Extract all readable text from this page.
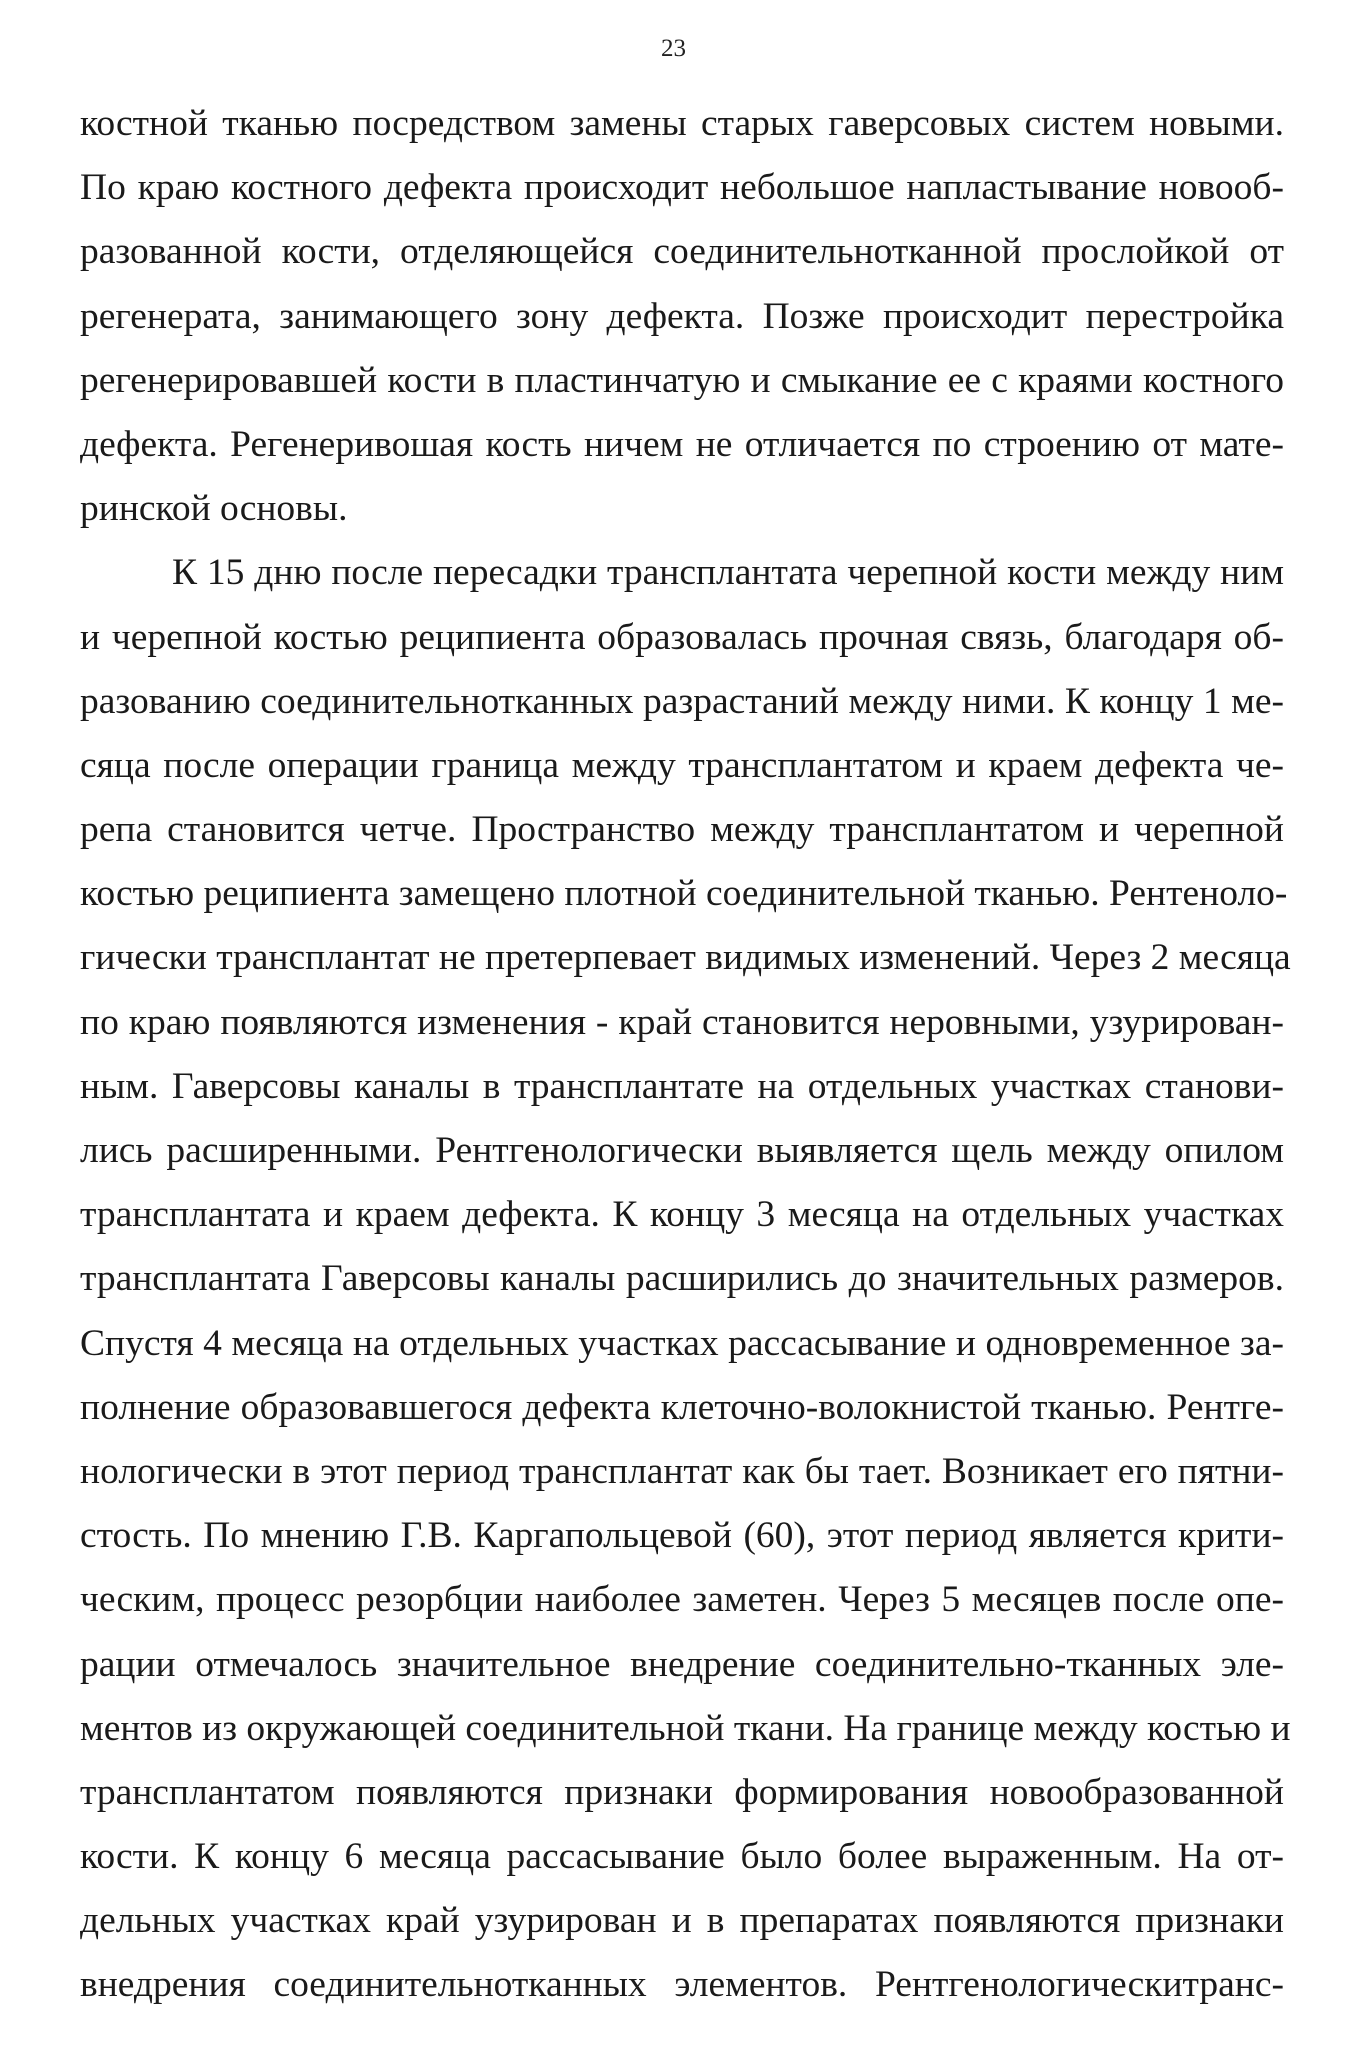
23
костной тканью посредством замены старых гаверсовых систем новыми.
По краю костного дефекта происходит небольшое напластывание новооб-
разованной кости, отделяющейся соединительнотканной прослойкой от
регенерата, занимающего зону дефекта. Позже происходит перестройка
регенерировавшей кости в пластинчатую и смыкание ее с краями костного
дефекта. Регенеривошая кость ничем не отличается по строению от мате-
ринской основы.
К 15 дню после пересадки трансплантата черепной кости между ним
и черепной костью реципиента образовалась прочная связь, благодаря об-
разованию соединительнотканных разрастаний между ними. К концу 1 ме-
сяца после операции граница между трансплантатом и краем дефекта че-
репа становится четче. Пространство между трансплантатом и черепной
костью реципиента замещено плотной соединительной тканью. Рентеноло-
гически трансплантат не претерпевает видимых изменений. Через 2 месяца
по краю появляются изменения - край становится неровными, узурирован-
ным. Гаверсовы каналы в трансплантате на отдельных участках станови-
лись расширенными. Рентгенологически выявляется щель между опилом
трансплантата и краем дефекта. К концу 3 месяца на отдельных участках
трансплантата Гаверсовы каналы расширились до значительных размеров.
Спустя 4 месяца на отдельных участках рассасывание и одновременное за-
полнение образовавшегося дефекта клеточно-волокнистой тканью. Рентге-
нологически в этот период трансплантат как бы тает. Возникает его пятни-
стость. По мнению Г.В. Каргапольцевой (60), этот период является крити-
ческим, процесс резорбции наиболее заметен. Через 5 месяцев после опе-
рации отмечалось значительное внедрение соединительно-тканных эле-
ментов из окружающей соединительной ткани. На границе между костью и
трансплантатом появляются признаки формирования новообразованной
кости. К концу 6 месяца рассасывание было более выраженным. На от-
дельных участках край узурирован и в препаратах появляются признаки
внедрения соединительнотканных элементов. Рентгенологическитранс-
